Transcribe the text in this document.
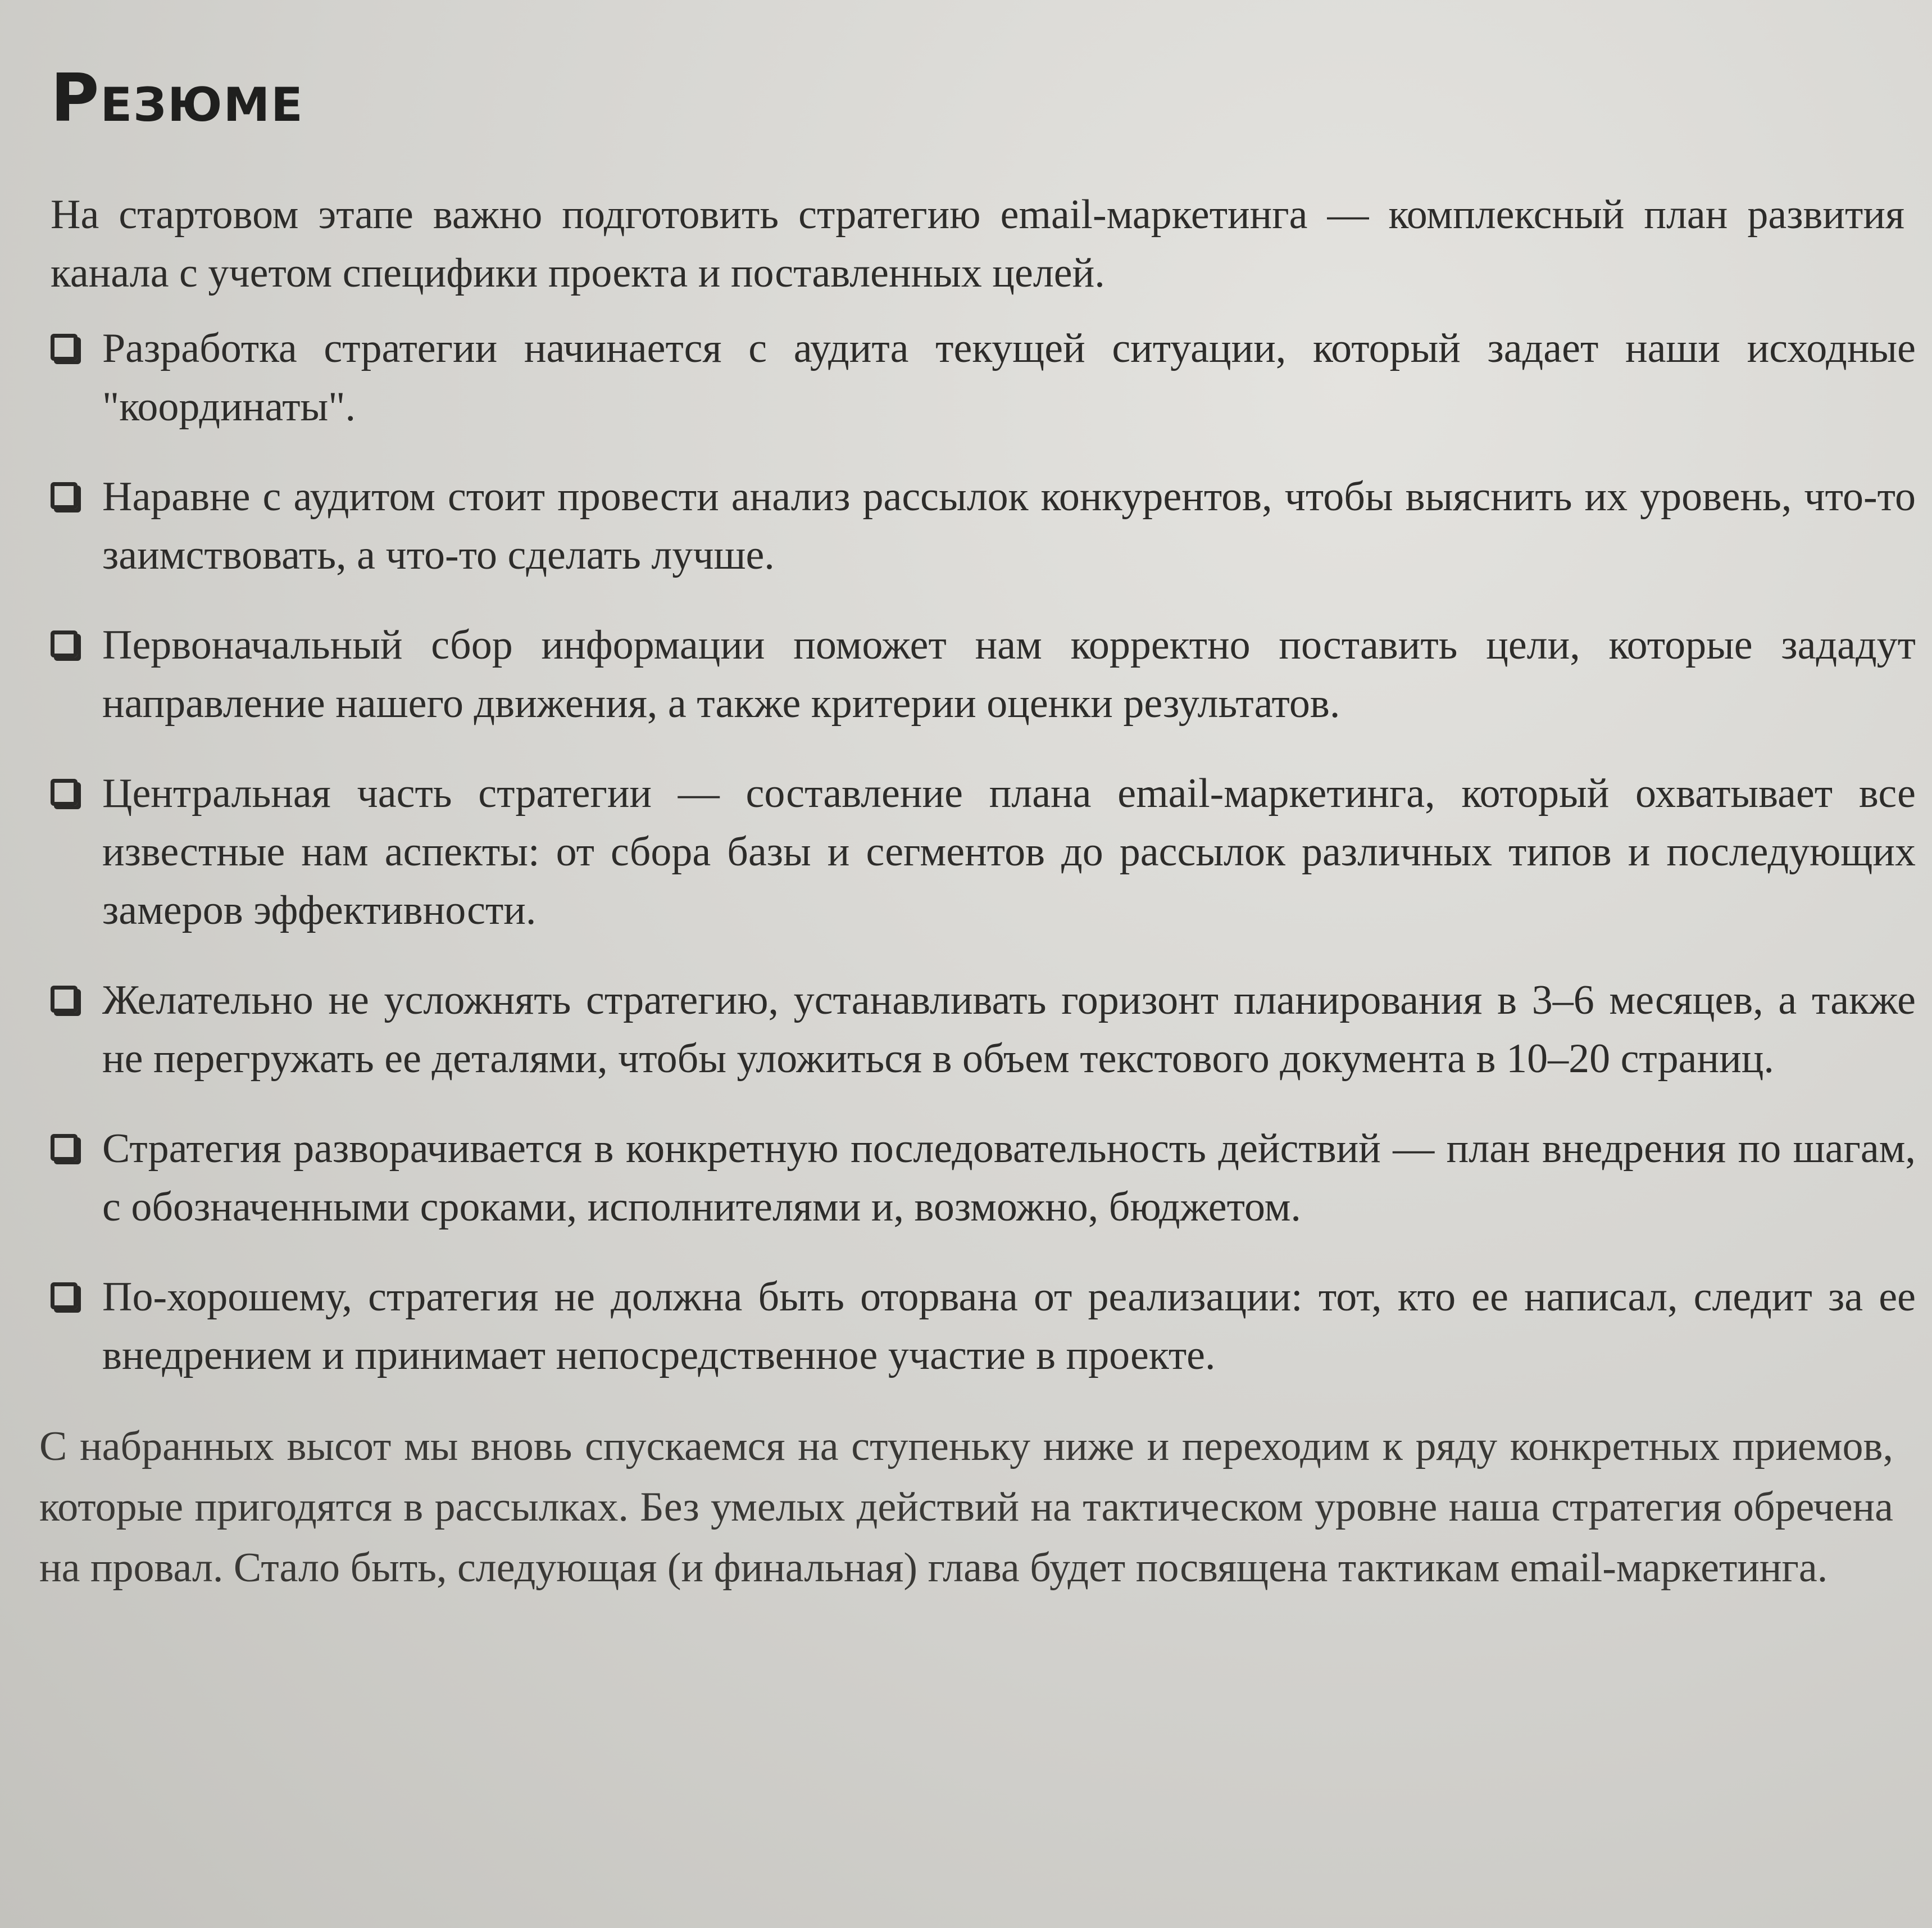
Резюме

На стартовом этапе важно подготовить стратегию email-маркетинга — комплексный план развития канала с учетом специфики проекта и поставленных целей.

Разработка стратегии начинается с аудита текущей ситуации, который задает наши исходные "координаты".
Наравне с аудитом стоит провести анализ рассылок конкурентов, чтобы выяснить их уровень, что-то заимствовать, а что-то сделать лучше.
Первоначальный сбор информации поможет нам корректно поставить цели, которые зададут направление нашего движения, а также критерии оценки результатов.
Центральная часть стратегии — составление плана email-маркетинга, который охватывает все известные нам аспекты: от сбора базы и сегментов до рассылок различных типов и последующих замеров эффективности.
Желательно не усложнять стратегию, устанавливать горизонт планирования в 3–6 месяцев, а также не перегружать ее деталями, чтобы уложиться в объем текстового документа в 10–20 страниц.
Стратегия разворачивается в конкретную последовательность действий — план внедрения по шагам, с обозначенными сроками, исполнителями и, возможно, бюджетом.
По-хорошему, стратегия не должна быть оторвана от реализации: тот, кто ее написал, следит за ее внедрением и принимает непосредственное участие в проекте.

С набранных высот мы вновь спускаемся на ступеньку ниже и переходим к ряду конкретных приемов, которые пригодятся в рассылках. Без умелых действий на тактическом уровне наша стратегия обречена на провал. Стало быть, следующая (и финальная) глава будет посвящена тактикам email-маркетинга.
